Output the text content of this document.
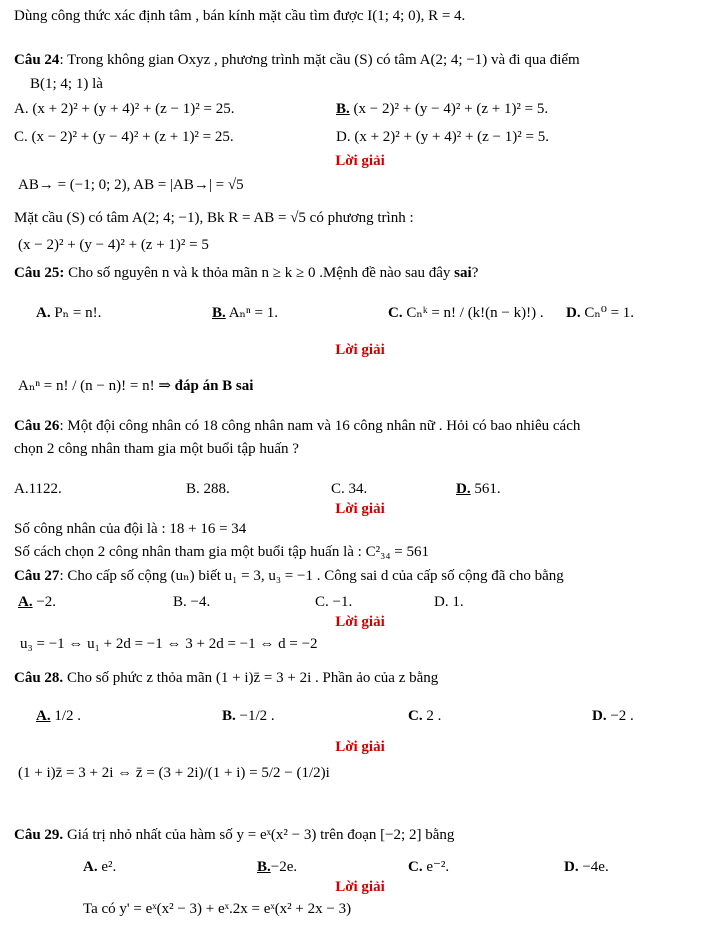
Dùng công thức xác định tâm , bán kính mặt cầu tìm được I(1; 4; 0), R = 4.
Câu 24: Trong không gian Oxyz , phương trình mặt cầu (S) có tâm A(2; 4; −1) và đi qua điểm
B(1; 4; 1) là
A. (x + 2)² + (y + 4)² + (z − 1)² = 25.	B. (x − 2)² + (y − 4)² + (z + 1)² = 5.
C. (x − 2)² + (y − 4)² + (z + 1)² = 25.	D. (x + 2)² + (y + 4)² + (z − 1)² = 5.
Lời giải
AB→ = (−1; 0; 2), AB = |AB→| = √5
Mặt cầu (S) có tâm A(2; 4; −1), Bk R = AB = √5 có phương trình :
(x − 2)² + (y − 4)² + (z + 1)² = 5
Câu 25: Cho số nguyên n và k thỏa mãn n ≥ k ≥ 0 .Mệnh đề nào sau đây sai?
A. Pₙ = n!.	B. Aₙⁿ = 1.	C. Cₙᵏ = n! / (k!(n − k)!) . D. Cₙ⁰ = 1.
Lời giải
Aₙⁿ = n! / (n − n)! = n! ⇒ đáp án B sai
Câu 26: Một đội công nhân có 18 công nhân nam và 16 công nhân nữ . Hỏi có bao nhiêu cách
chọn 2 công nhân tham gia một buổi tập huấn ?
A.1122.	B. 288.	C. 34.	D. 561.
Lời giải
Số công nhân của đội là : 18 + 16 = 34
Số cách chọn 2 công nhân tham gia một buổi tập huấn là : C²₃₄ = 561
Câu 27: Cho cấp số cộng (uₙ) biết u₁ = 3, u₃ = −1 . Công sai d của cấp số cộng đã cho bằng
A. −2.	B. −4.	C. −1.	D. 1.
Lời giải
u₃ = −1 ⇔ u₁ + 2d = −1 ⇔ 3 + 2d = −1 ⇔ d = −2
Câu 28. Cho số phức z thỏa mãn (1 + i)z̄ = 3 + 2i . Phần ảo của z bằng
A. 1/2 .	B. −1/2 .	C. 2 .	D. −2 .
Lời giải
(1 + i)z̄ = 3 + 2i ⇔ z̄ = (3 + 2i)/(1 + i) = 5/2 − (1/2)i
Câu 29. Giá trị nhỏ nhất của hàm số y = eˣ(x² − 3) trên đoạn [−2; 2] bằng
A. e².	B.−2e.	C. e⁻².	D. −4e.
Lời giải
Ta có y' = eˣ(x² − 3) + eˣ.2x = eˣ(x² + 2x − 3)
